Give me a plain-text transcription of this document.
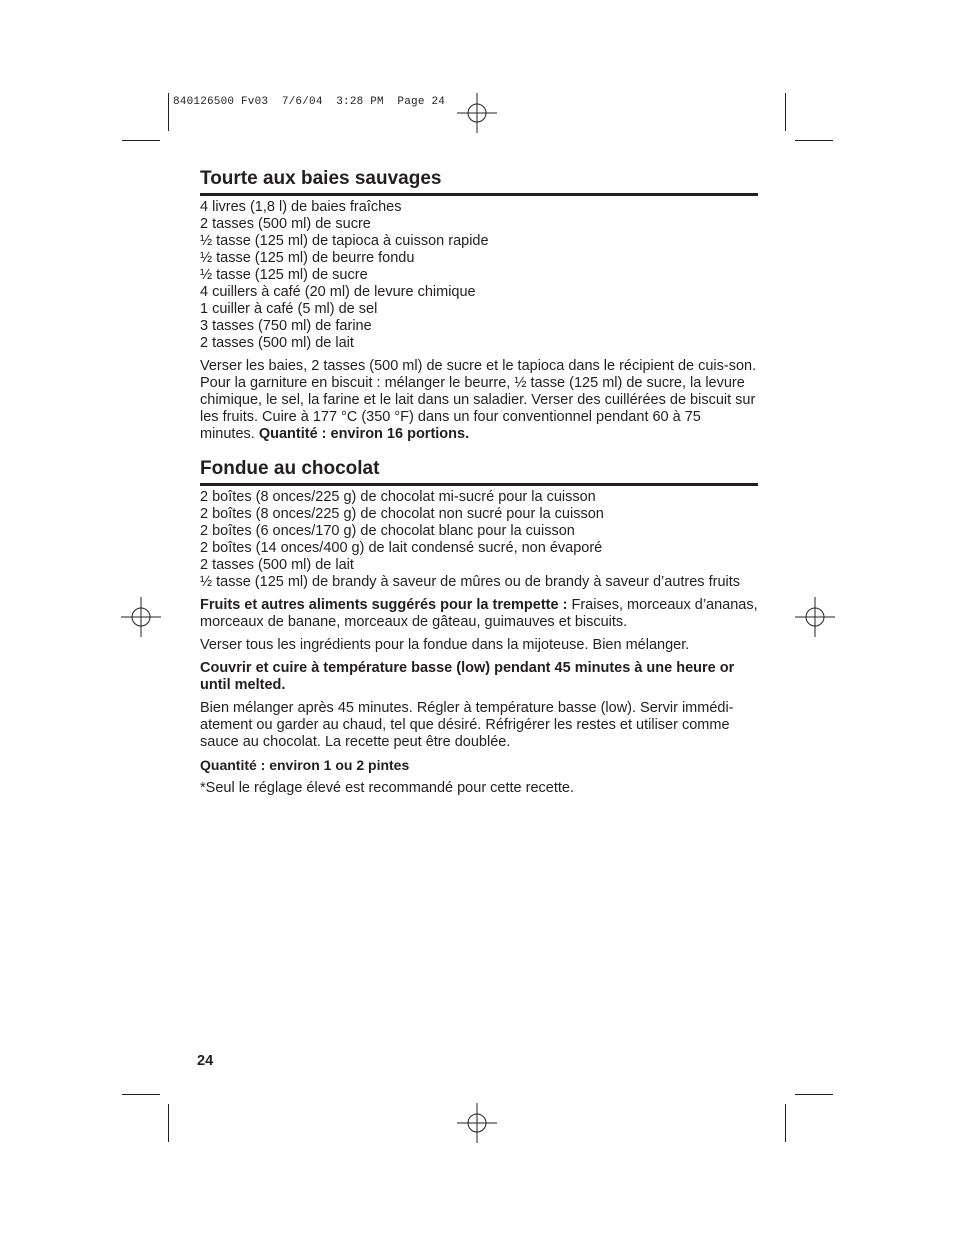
840126500 Fv03  7/6/04  3:28 PM  Page 24
Tourte aux baies sauvages
4 livres (1,8 l) de baies fraîches
2 tasses (500 ml) de sucre
½ tasse (125 ml) de tapioca à cuisson rapide
½ tasse (125 ml) de beurre fondu
½ tasse (125 ml) de sucre
4 cuillers à café (20 ml) de levure chimique
1 cuiller à café (5 ml) de sel
3 tasses (750 ml) de farine
2 tasses (500 ml) de lait
Verser les baies, 2 tasses (500 ml) de sucre et le tapioca dans le récipient de cuis-son. Pour la garniture en biscuit : mélanger le beurre, ½ tasse (125 ml) de sucre, la levure chimique, le sel, la farine et le lait dans un saladier. Verser des cuillérées de biscuit sur les fruits. Cuire à 177 °C (350 °F) dans un four conventionnel pendant 60 à 75 minutes. Quantité : environ 16 portions.
Fondue au chocolat
2 boîtes (8 onces/225 g) de chocolat mi-sucré pour la cuisson
2 boîtes (8 onces/225 g) de chocolat non sucré pour la cuisson
2 boîtes (6 onces/170 g) de chocolat blanc pour la cuisson
2 boîtes (14 onces/400 g) de lait condensé sucré, non évaporé
2 tasses (500 ml) de lait
½ tasse (125 ml) de brandy à saveur de mûres ou de brandy à saveur d’autres fruits
Fruits et autres aliments suggérés pour la trempette : Fraises, morceaux d’ananas, morceaux de banane, morceaux de gâteau, guimauves et biscuits.
Verser tous les ingrédients pour la fondue dans la mijoteuse. Bien mélanger.
Couvrir et cuire à température basse (low) pendant 45 minutes à une heure or until melted.
Bien mélanger après 45 minutes. Régler à température basse (low). Servir immédi-atement ou garder au chaud, tel que désiré. Réfrigérer les restes et utiliser comme sauce au chocolat. La recette peut être doublée.
Quantité : environ 1 ou 2 pintes
*Seul le réglage élevé est recommandé pour cette recette.
24
